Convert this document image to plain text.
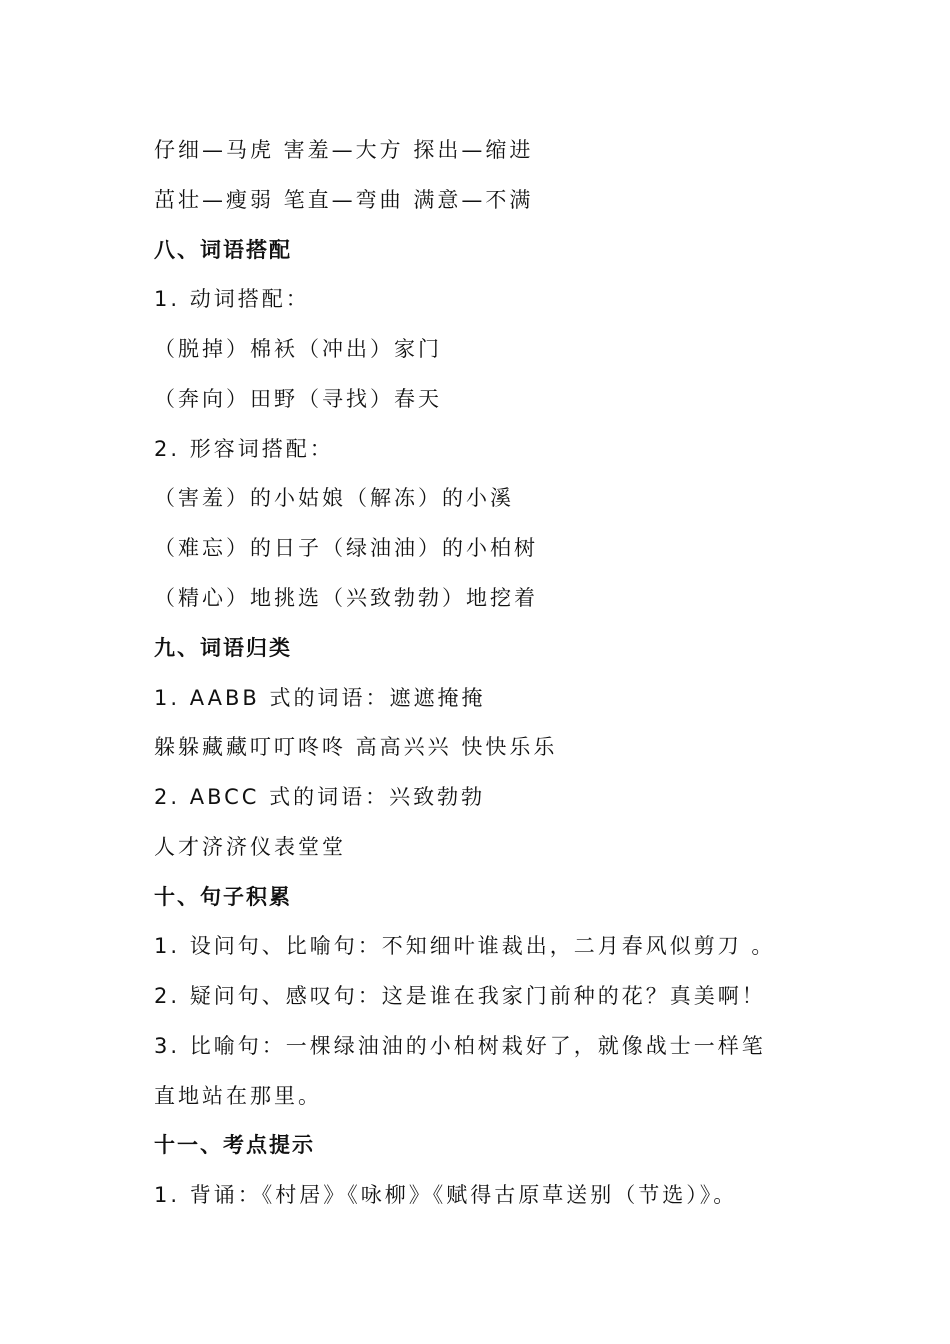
仔细—马虎 害羞—大方 探出—缩进
茁壮—瘦弱 笔直—弯曲 满意—不满
八、词语搭配
1. 动词搭配：
（脱掉）棉袄（冲出）家门
（奔向）田野（寻找）春天
2. 形容词搭配：
（害羞）的小姑娘（解冻）的小溪
（难忘）的日子（绿油油）的小柏树
（精心）地挑选（兴致勃勃）地挖着
九、词语归类
1. AABB 式的词语：遮遮掩掩
躲躲藏藏叮叮咚咚 高高兴兴 快快乐乐
2. ABCC 式的词语：兴致勃勃
人才济济仪表堂堂
十、句子积累
1. 设问句、比喻句：不知细叶谁裁出，二月春风似剪刀 。
2. 疑问句、感叹句：这是谁在我家门前种的花？真美啊！
3. 比喻句：一棵绿油油的小柏树栽好了，就像战士一样笔
直地站在那里。
十一、考点提示
1. 背诵：《村居》《咏柳》《赋得古原草送别（节选）》。
